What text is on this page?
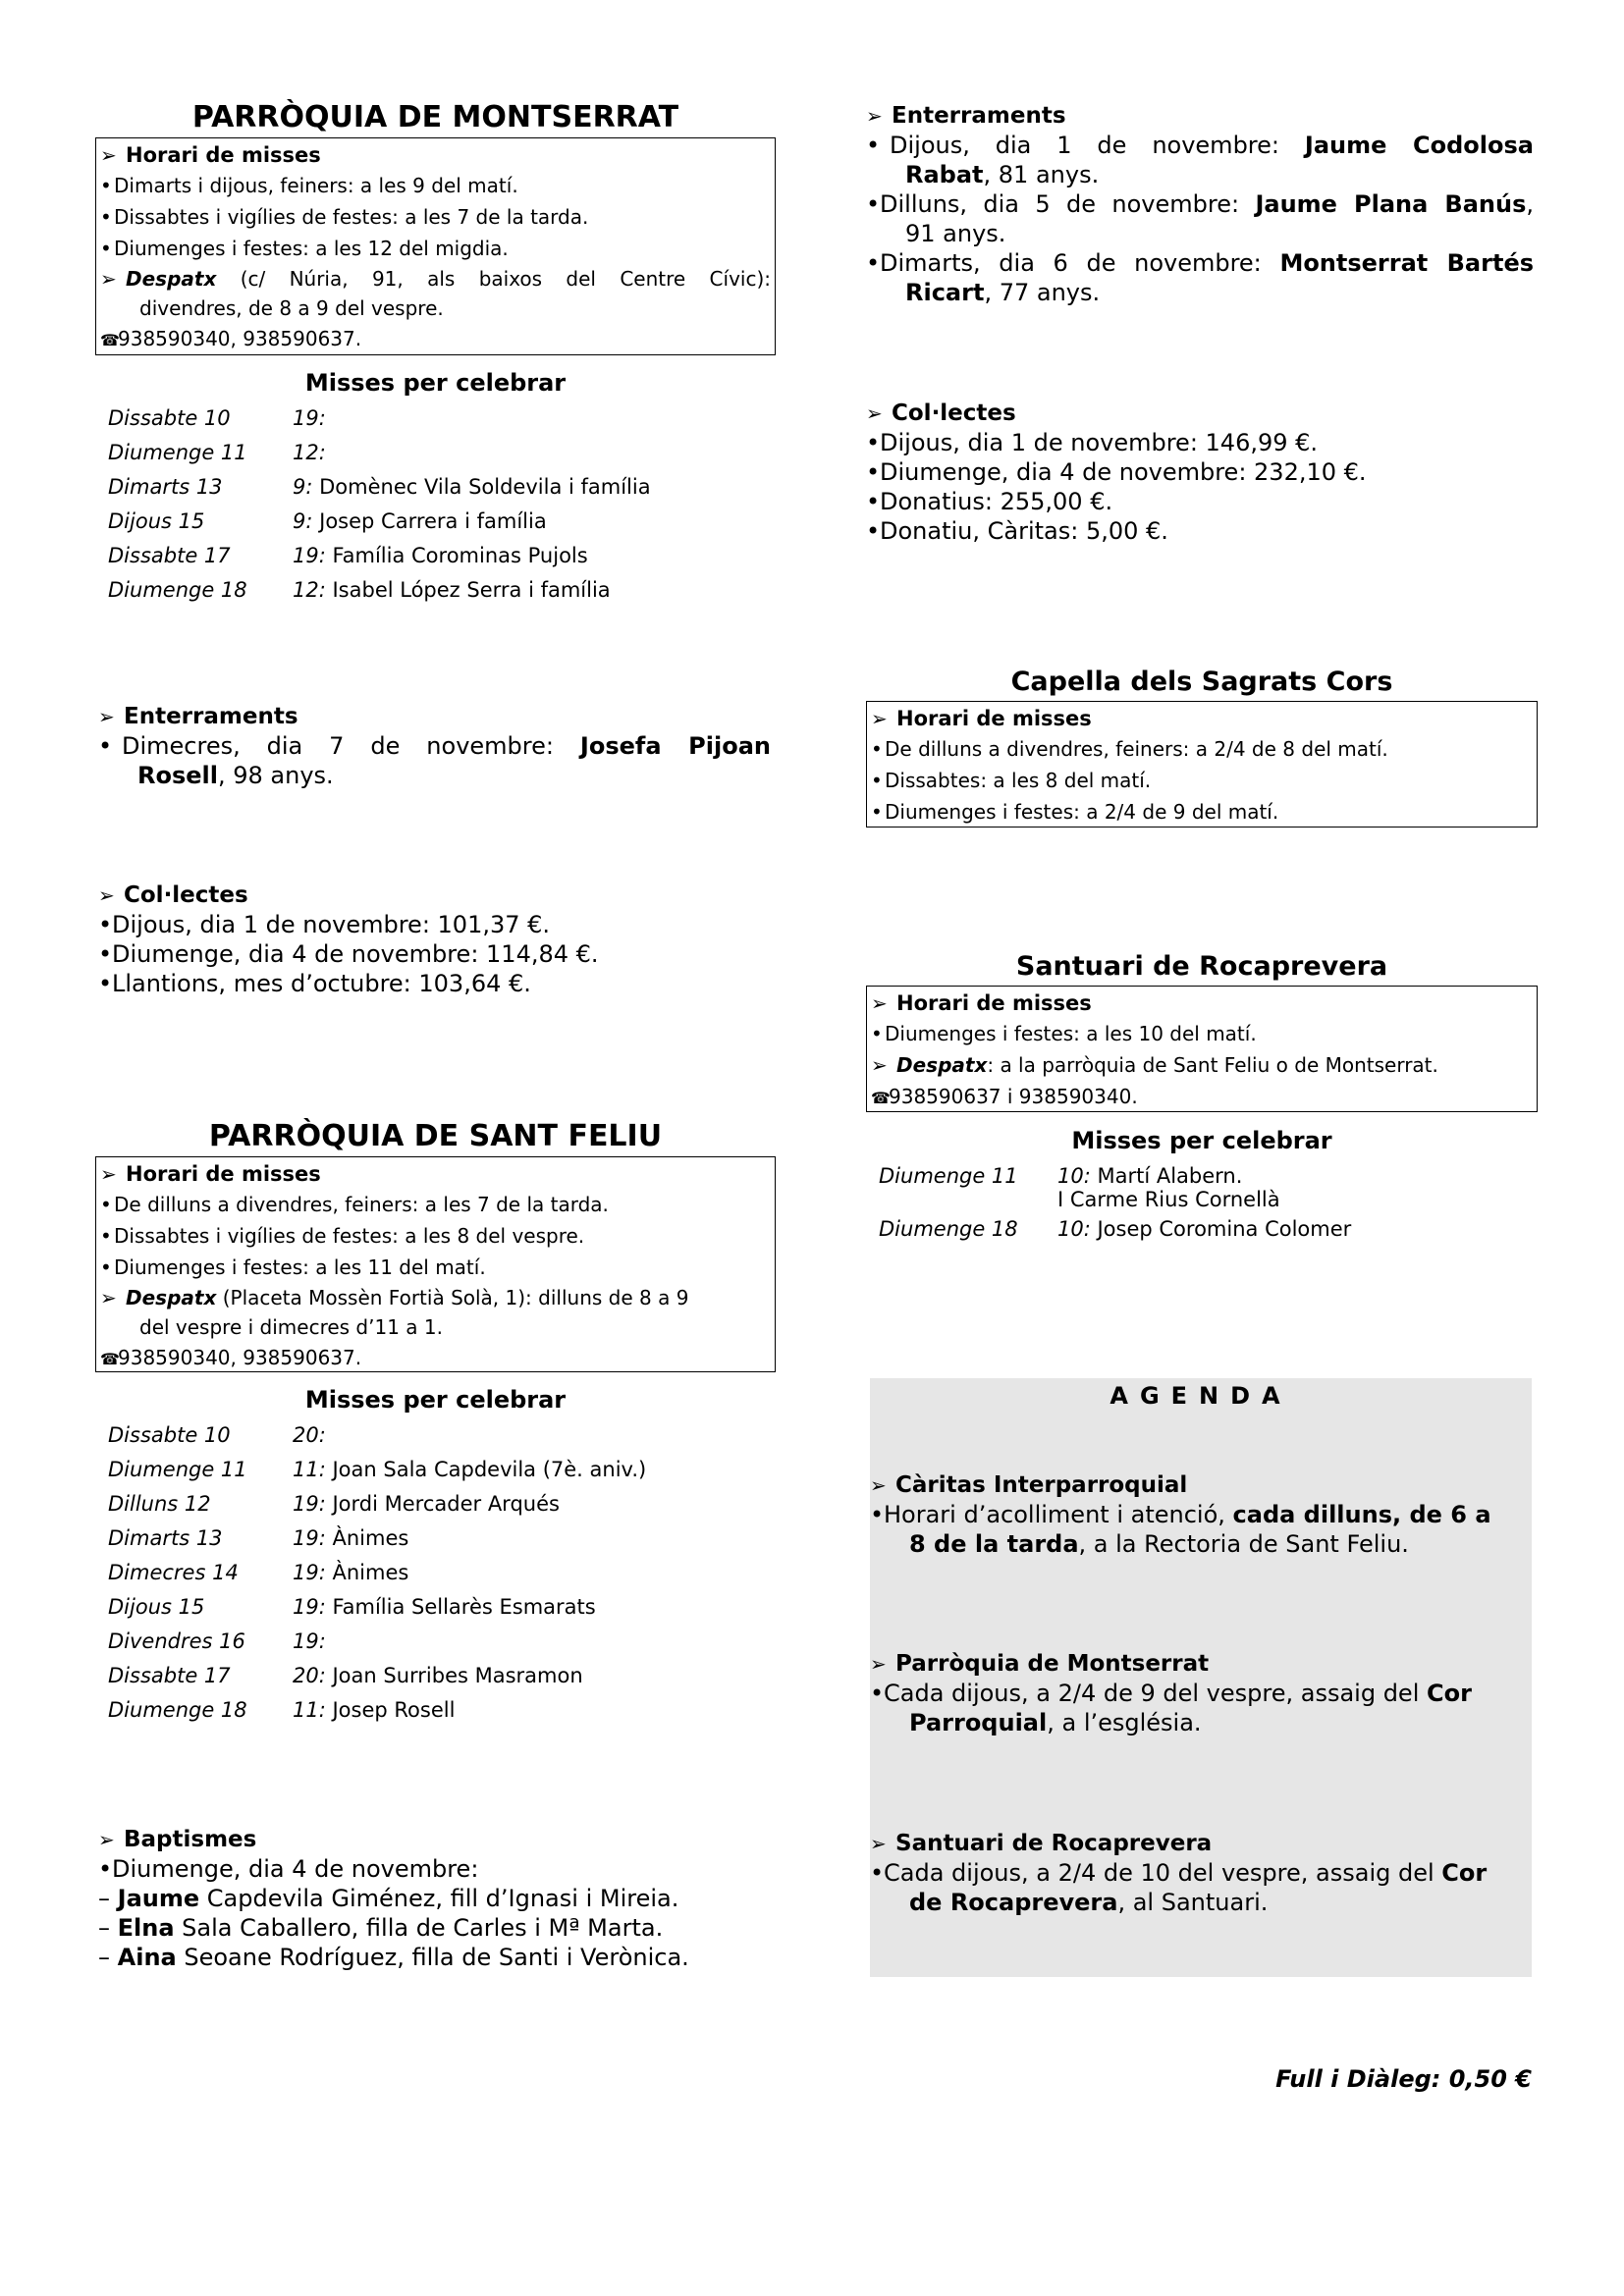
PARRÒQUIA DE MONTSERRAT
➢ Horari de misses
• Dimarts i dijous, feiners: a les 9 del matí.
• Dissabtes i vigílies de festes: a les 7 de la tarda.
• Diumenges i festes: a les 12 del migdia.
➢ Despatx (c/ Núria, 91, als baixos del Centre Cívic):
divendres, de 8 a 9 del vespre.
☎938590340, 938590637.
Misses per celebrar
Dissabte 10	19:
Diumenge 11	12:
Dimarts 13	9: Domènec Vila Soldevila i família
Dijous 15	9: Josep Carrera i família
Dissabte 17	19: Família Corominas Pujols
Diumenge 18	12: Isabel López Serra i família
➢ Enterraments
• Dimecres, dia 7 de novembre: Josefa Pijoan
Rosell, 98 anys.
➢ Col·lectes
•Dijous, dia 1 de novembre: 101,37 €.
•Diumenge, dia 4 de novembre: 114,84 €.
•Llantions, mes d’octubre: 103,64 €.
PARRÒQUIA DE SANT FELIU
➢ Horari de misses
• De dilluns a divendres, feiners: a les 7 de la tarda.
• Dissabtes i vigílies de festes: a les 8 del vespre.
• Diumenges i festes: a les 11 del matí.
➢ Despatx (Placeta Mossèn Fortià Solà, 1): dilluns de 8 a 9
del vespre i dimecres d’11 a 1.
☎938590340, 938590637.
Misses per celebrar
Dissabte 10	20:
Diumenge 11	11: Joan Sala Capdevila (7è. aniv.)
Dilluns 12	19: Jordi Mercader Arqués
Dimarts 13	19: Ànimes
Dimecres 14	19: Ànimes
Dijous 15	19: Família Sellarès Esmarats
Divendres 16	19:
Dissabte 17	20: Joan Surribes Masramon
Diumenge 18	11: Josep Rosell
➢ Baptismes
•Diumenge, dia 4 de novembre:
– Jaume Capdevila Giménez, fill d’Ignasi i Mireia.
– Elna Sala Caballero, filla de Carles i Mª Marta.
– Aina Seoane Rodríguez, filla de Santi i Verònica.
➢ Enterraments
• Dijous, dia 1 de novembre: Jaume Codolosa
Rabat, 81 anys.
•Dilluns, dia 5 de novembre: Jaume Plana Banús,
91 anys.
•Dimarts, dia 6 de novembre: Montserrat Bartés
Ricart, 77 anys.
➢ Col·lectes
•Dijous, dia 1 de novembre: 146,99 €.
•Diumenge, dia 4 de novembre: 232,10 €.
•Donatius: 255,00 €.
•Donatiu, Càritas: 5,00 €.
Capella dels Sagrats Cors
➢ Horari de misses
• De dilluns a divendres, feiners: a 2/4 de 8 del matí.
• Dissabtes: a les 8 del matí.
• Diumenges i festes: a 2/4 de 9 del matí.
Santuari de Rocaprevera
➢ Horari de misses
• Diumenges i festes: a les 10 del matí.
➢ Despatx: a la parròquia de Sant Feliu o de Montserrat.
☎938590637 i 938590340.
Misses per celebrar
Diumenge 11	10: Martí Alabern.
I Carme Rius Cornellà
Diumenge 18	10: Josep Coromina Colomer
AGENDA
➢ Càritas Interparroquial
•Horari d’acolliment i atenció, cada dilluns, de 6 a
8 de la tarda, a la Rectoria de Sant Feliu.
➢ Parròquia de Montserrat
•Cada dijous, a 2/4 de 9 del vespre, assaig del Cor
Parroquial, a l’església.
➢ Santuari de Rocaprevera
•Cada dijous, a 2/4 de 10 del vespre, assaig del Cor
de Rocaprevera, al Santuari.
Full i Diàleg: 0,50 €
